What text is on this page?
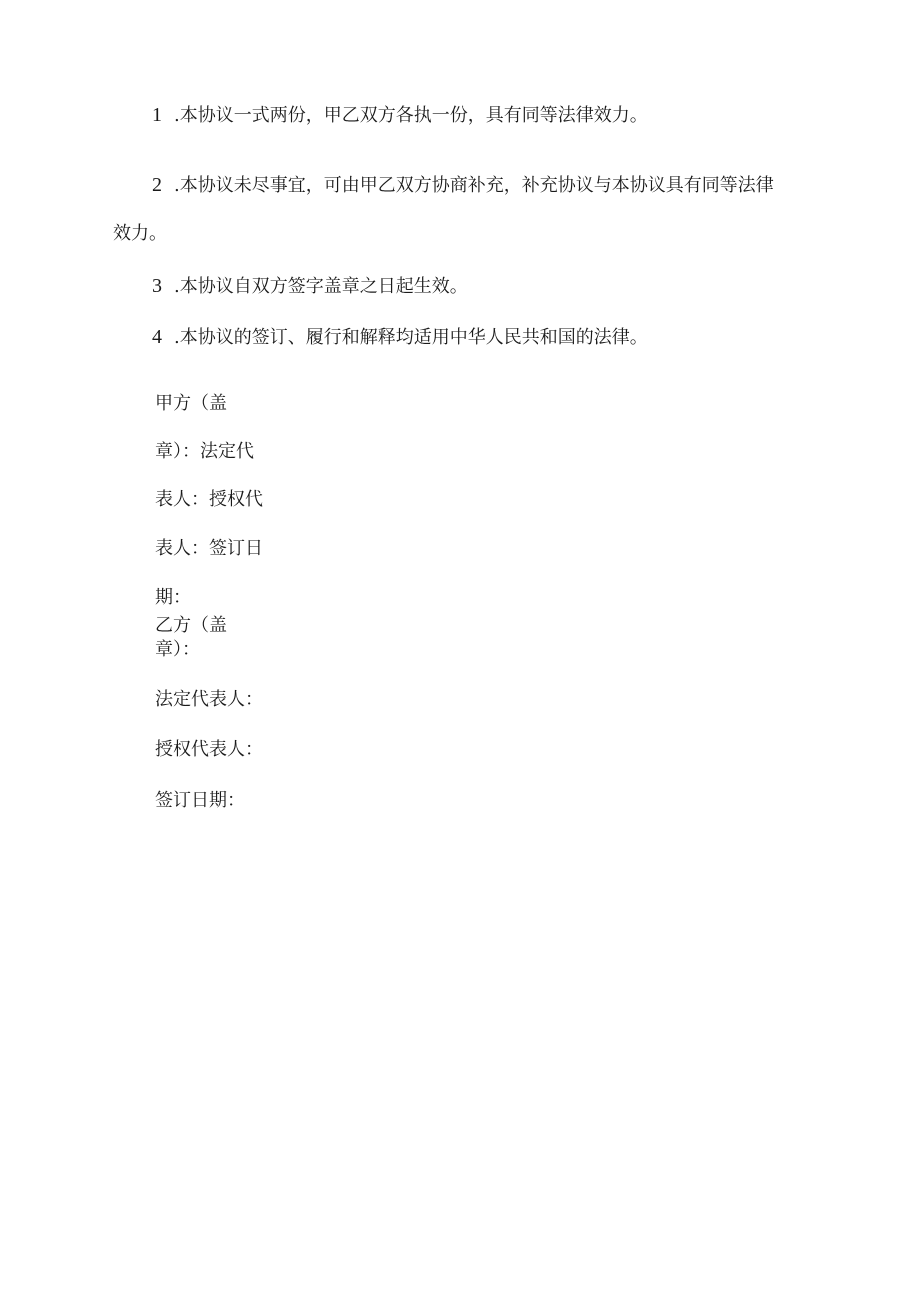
1 .本协议一式两份，甲乙双方各执一份，具有同等法律效力。
2 .本协议未尽事宜，可由甲乙双方协商补充，补充协议与本协议具有同等法律
效力。
3 .本协议自双方签字盖章之日起生效。
4 .本协议的签订、履行和解释均适用中华人民共和国的法律。
甲方（盖
章）：法定代
表人：授权代
表人：签订日
期：
乙方（盖
章）：
法定代表人：
授权代表人：
签订日期：
